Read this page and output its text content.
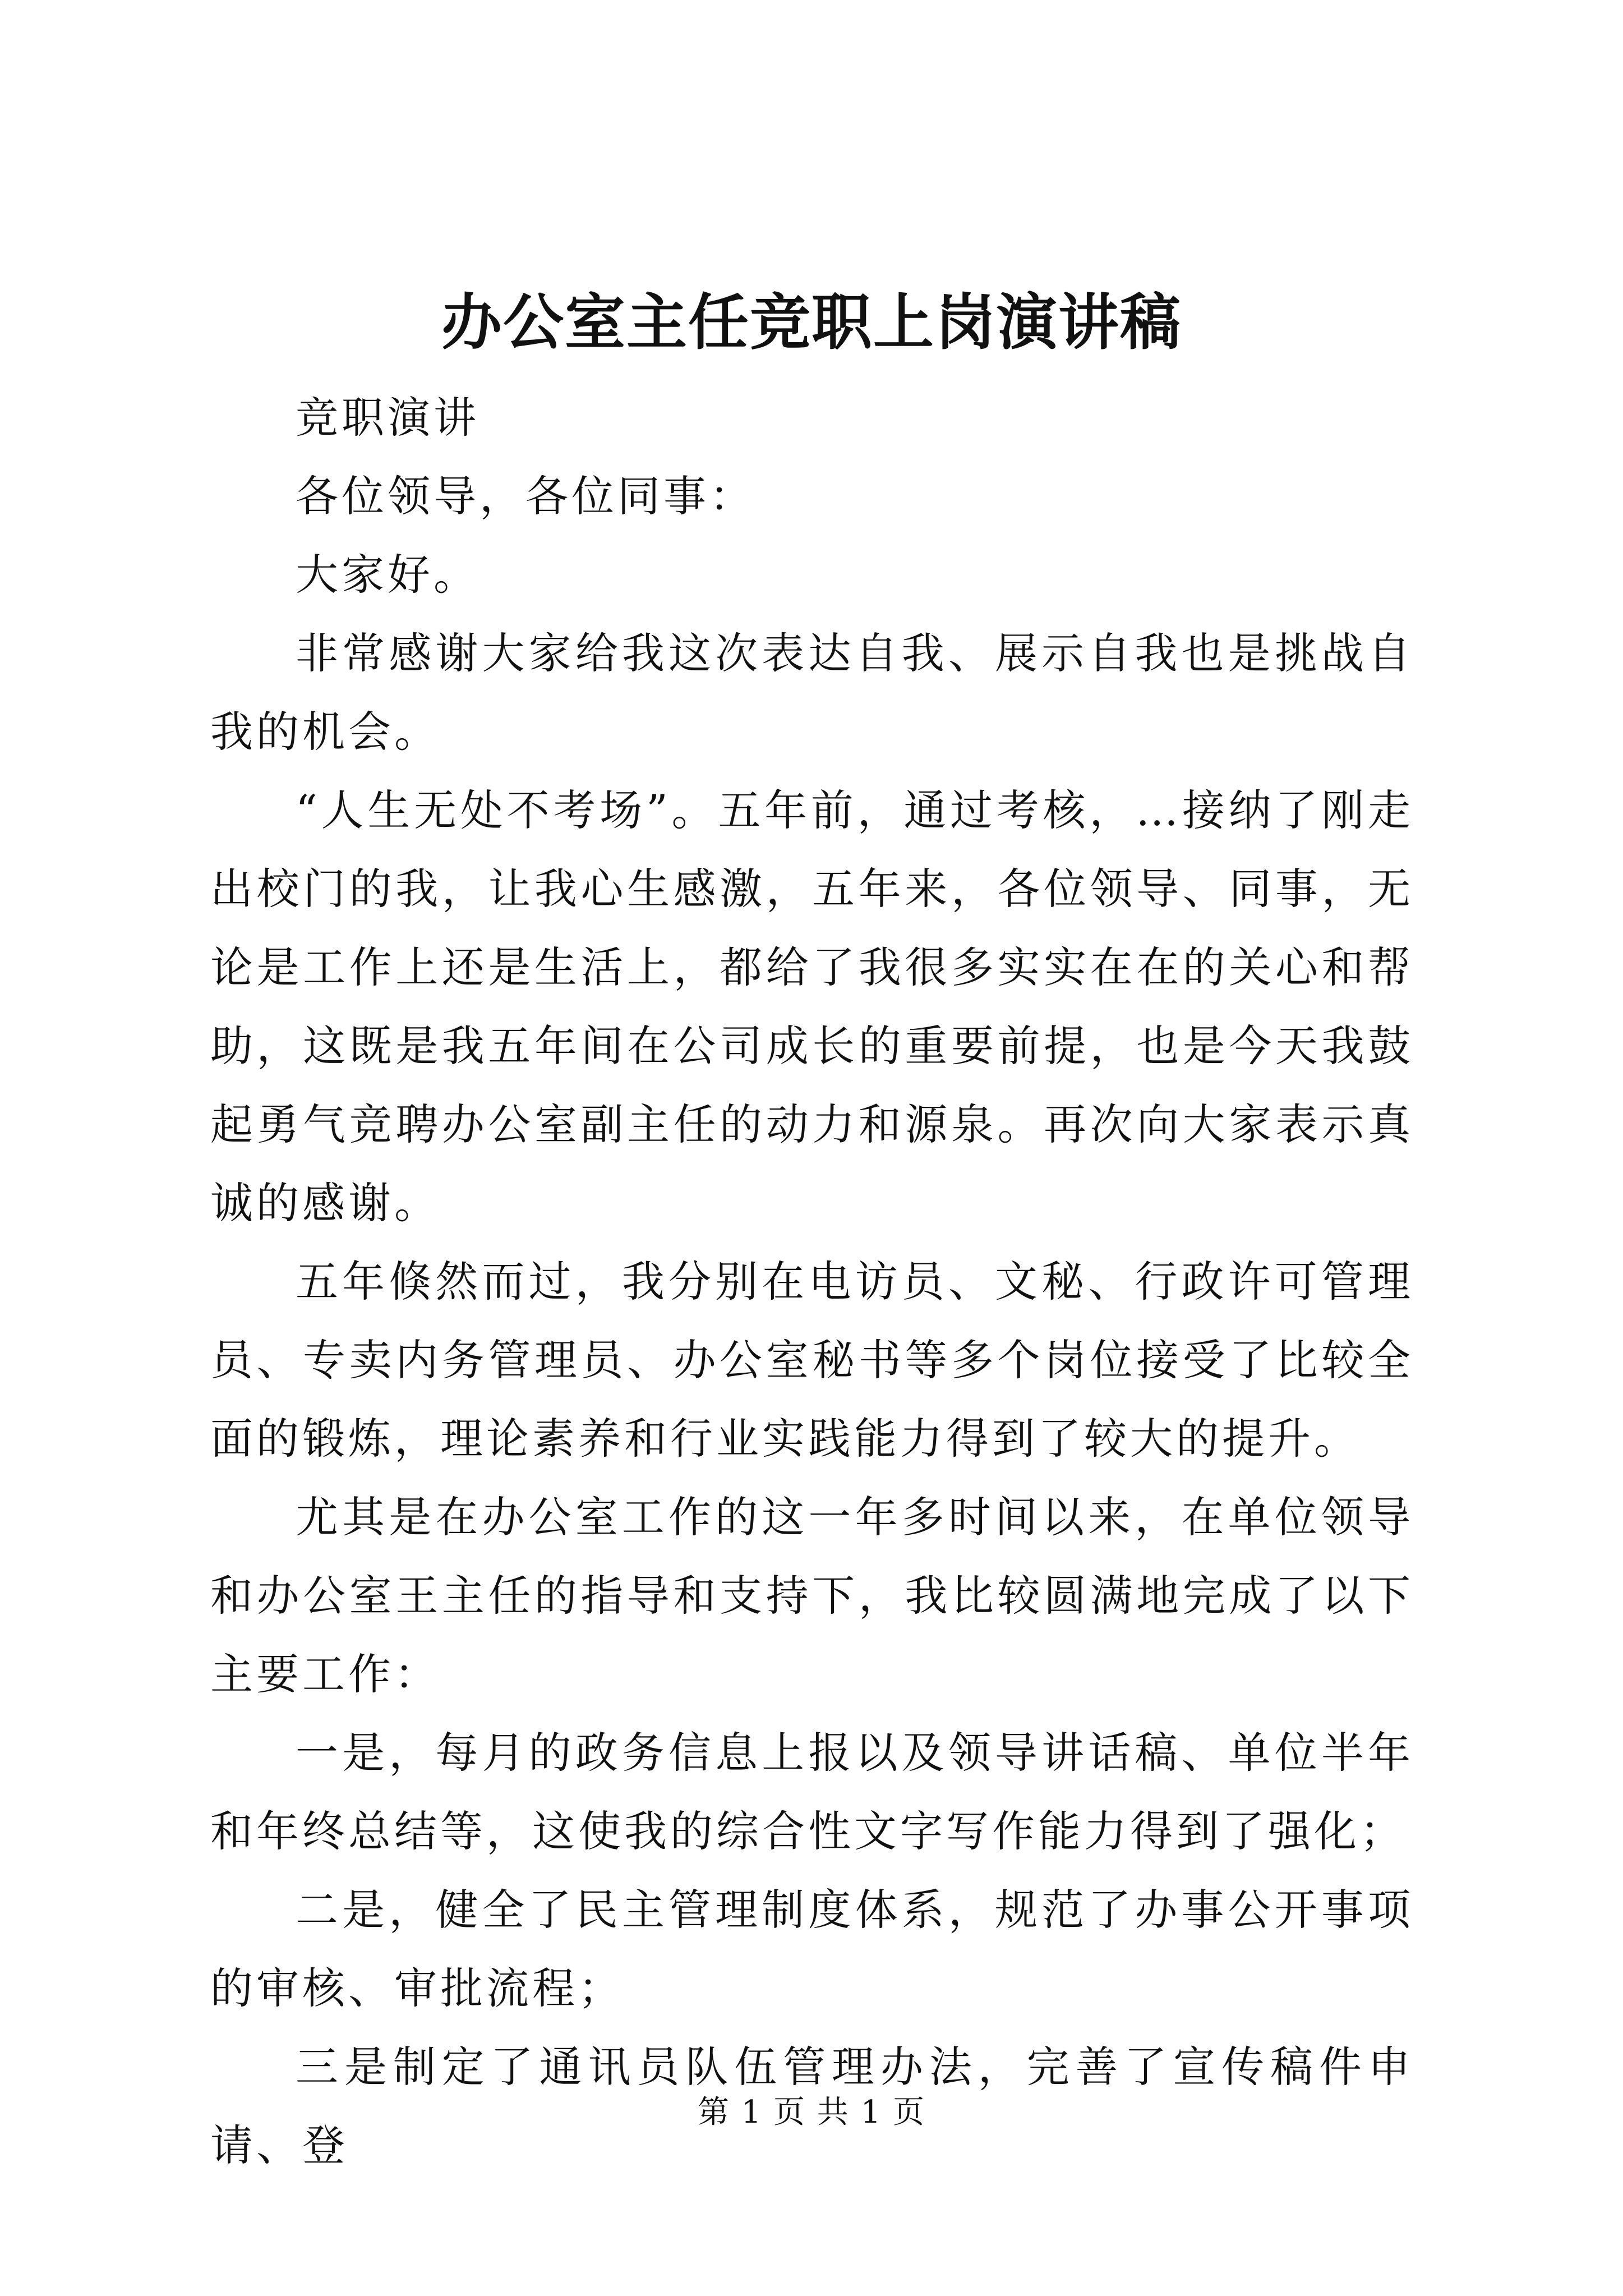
办公室主任竞职上岗演讲稿

竞职演讲

各位领导，各位同事：

大家好。

非常感谢大家给我这次表达自我、展示自我也是挑战自我的机会。

“人生无处不考场”。五年前，通过考核，…接纳了刚走出校门的我，让我心生感激，五年来，各位领导、同事，无论是工作上还是生活上，都给了我很多实实在在的关心和帮助，这既是我五年间在公司成长的重要前提，也是今天我鼓起勇气竞聘办公室副主任的动力和源泉。再次向大家表示真诚的感谢。

五年倏然而过，我分别在电访员、文秘、行政许可管理员、专卖内务管理员、办公室秘书等多个岗位接受了比较全面的锻炼，理论素养和行业实践能力得到了较大的提升。

尤其是在办公室工作的这一年多时间以来，在单位领导和办公室王主任的指导和支持下，我比较圆满地完成了以下主要工作：

一是，每月的政务信息上报以及领导讲话稿、单位半年和年终总结等，这使我的综合性文字写作能力得到了强化；

二是，健全了民主管理制度体系，规范了办事公开事项的审核、审批流程；

三是制定了通讯员队伍管理办法，完善了宣传稿件申请、登

第 1 页 共 1 页
